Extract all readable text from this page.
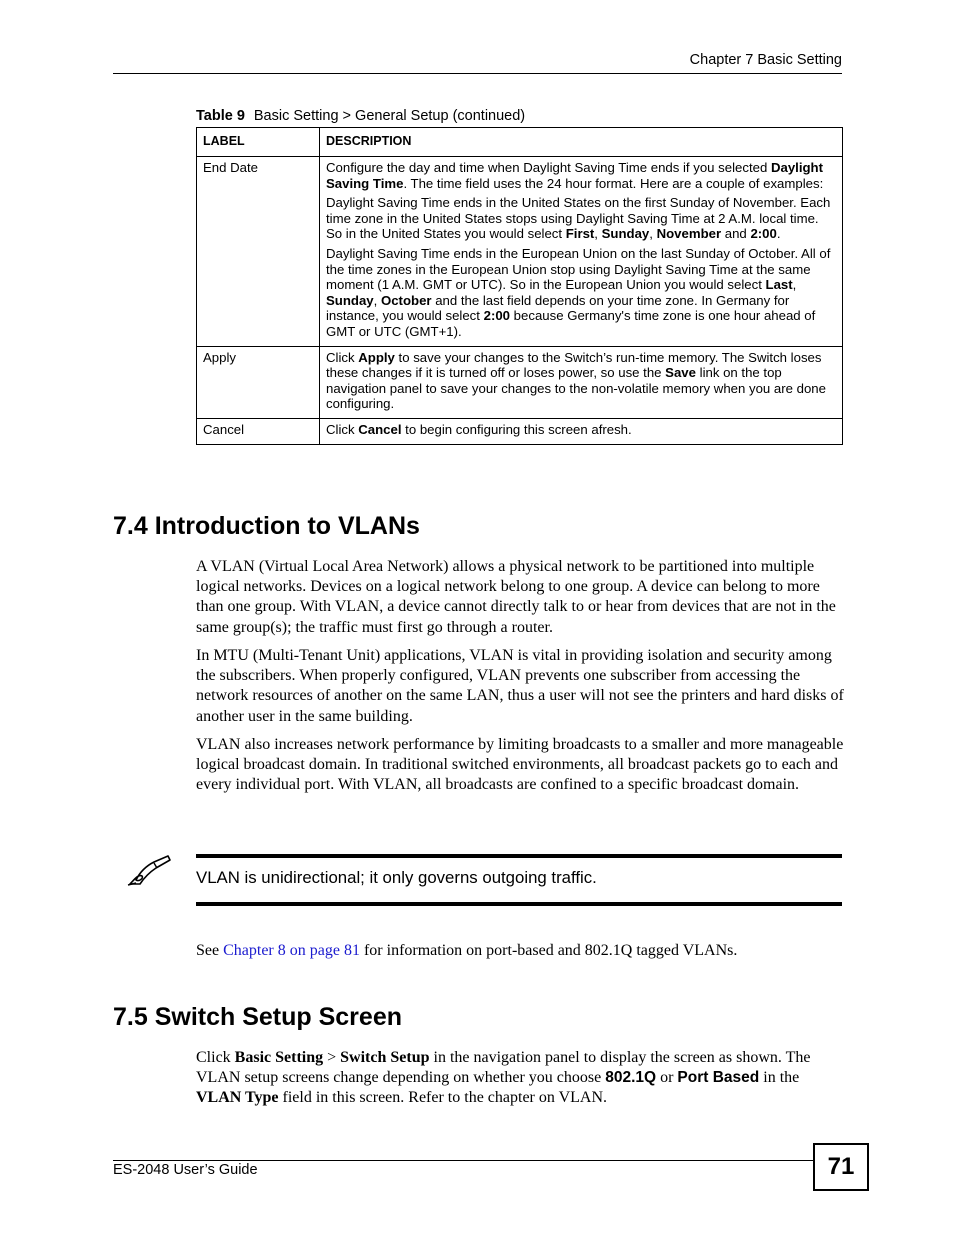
Chapter 7 Basic Setting
Table 9 Basic Setting > General Setup (continued)
LABEL	DESCRIPTION
End Date	Configure the day and time when Daylight Saving Time ends if you selected Daylight Saving Time. The time field uses the 24 hour format. Here are a couple of examples:

Daylight Saving Time ends in the United States on the first Sunday of November. Each time zone in the United States stops using Daylight Saving Time at 2 A.M. local time. So in the United States you would select First, Sunday, November and 2:00.

Daylight Saving Time ends in the European Union on the last Sunday of October. All of the time zones in the European Union stop using Daylight Saving Time at the same moment (1 A.M. GMT or UTC). So in the European Union you would select Last, Sunday, October and the last field depends on your time zone. In Germany for instance, you would select 2:00 because Germany's time zone is one hour ahead of GMT or UTC (GMT+1).

Apply	Click Apply to save your changes to the Switch’s run-time memory. The Switch loses these changes if it is turned off or loses power, so use the Save link on the top navigation panel to save your changes to the non-volatile memory when you are done configuring.

Cancel	Click Cancel to begin configuring this screen afresh.

7.4 Introduction to VLANs

A VLAN (Virtual Local Area Network) allows a physical network to be partitioned into multiple logical networks. Devices on a logical network belong to one group. A device can belong to more than one group. With VLAN, a device cannot directly talk to or hear from devices that are not in the same group(s); the traffic must first go through a router.

In MTU (Multi-Tenant Unit) applications, VLAN is vital in providing isolation and security among the subscribers. When properly configured, VLAN prevents one subscriber from accessing the network resources of another on the same LAN, thus a user will not see the printers and hard disks of another user in the same building.

VLAN also increases network performance by limiting broadcasts to a smaller and more manageable logical broadcast domain. In traditional switched environments, all broadcast packets go to each and every individual port. With VLAN, all broadcasts are confined to a specific broadcast domain.

VLAN is unidirectional; it only governs outgoing traffic.

See Chapter 8 on page 81 for information on port-based and 802.1Q tagged VLANs.

7.5 Switch Setup Screen

Click Basic Setting > Switch Setup in the navigation panel to display the screen as shown. The VLAN setup screens change depending on whether you choose 802.1Q or Port Based in the VLAN Type field in this screen. Refer to the chapter on VLAN.

ES-2048 User’s Guide	71
